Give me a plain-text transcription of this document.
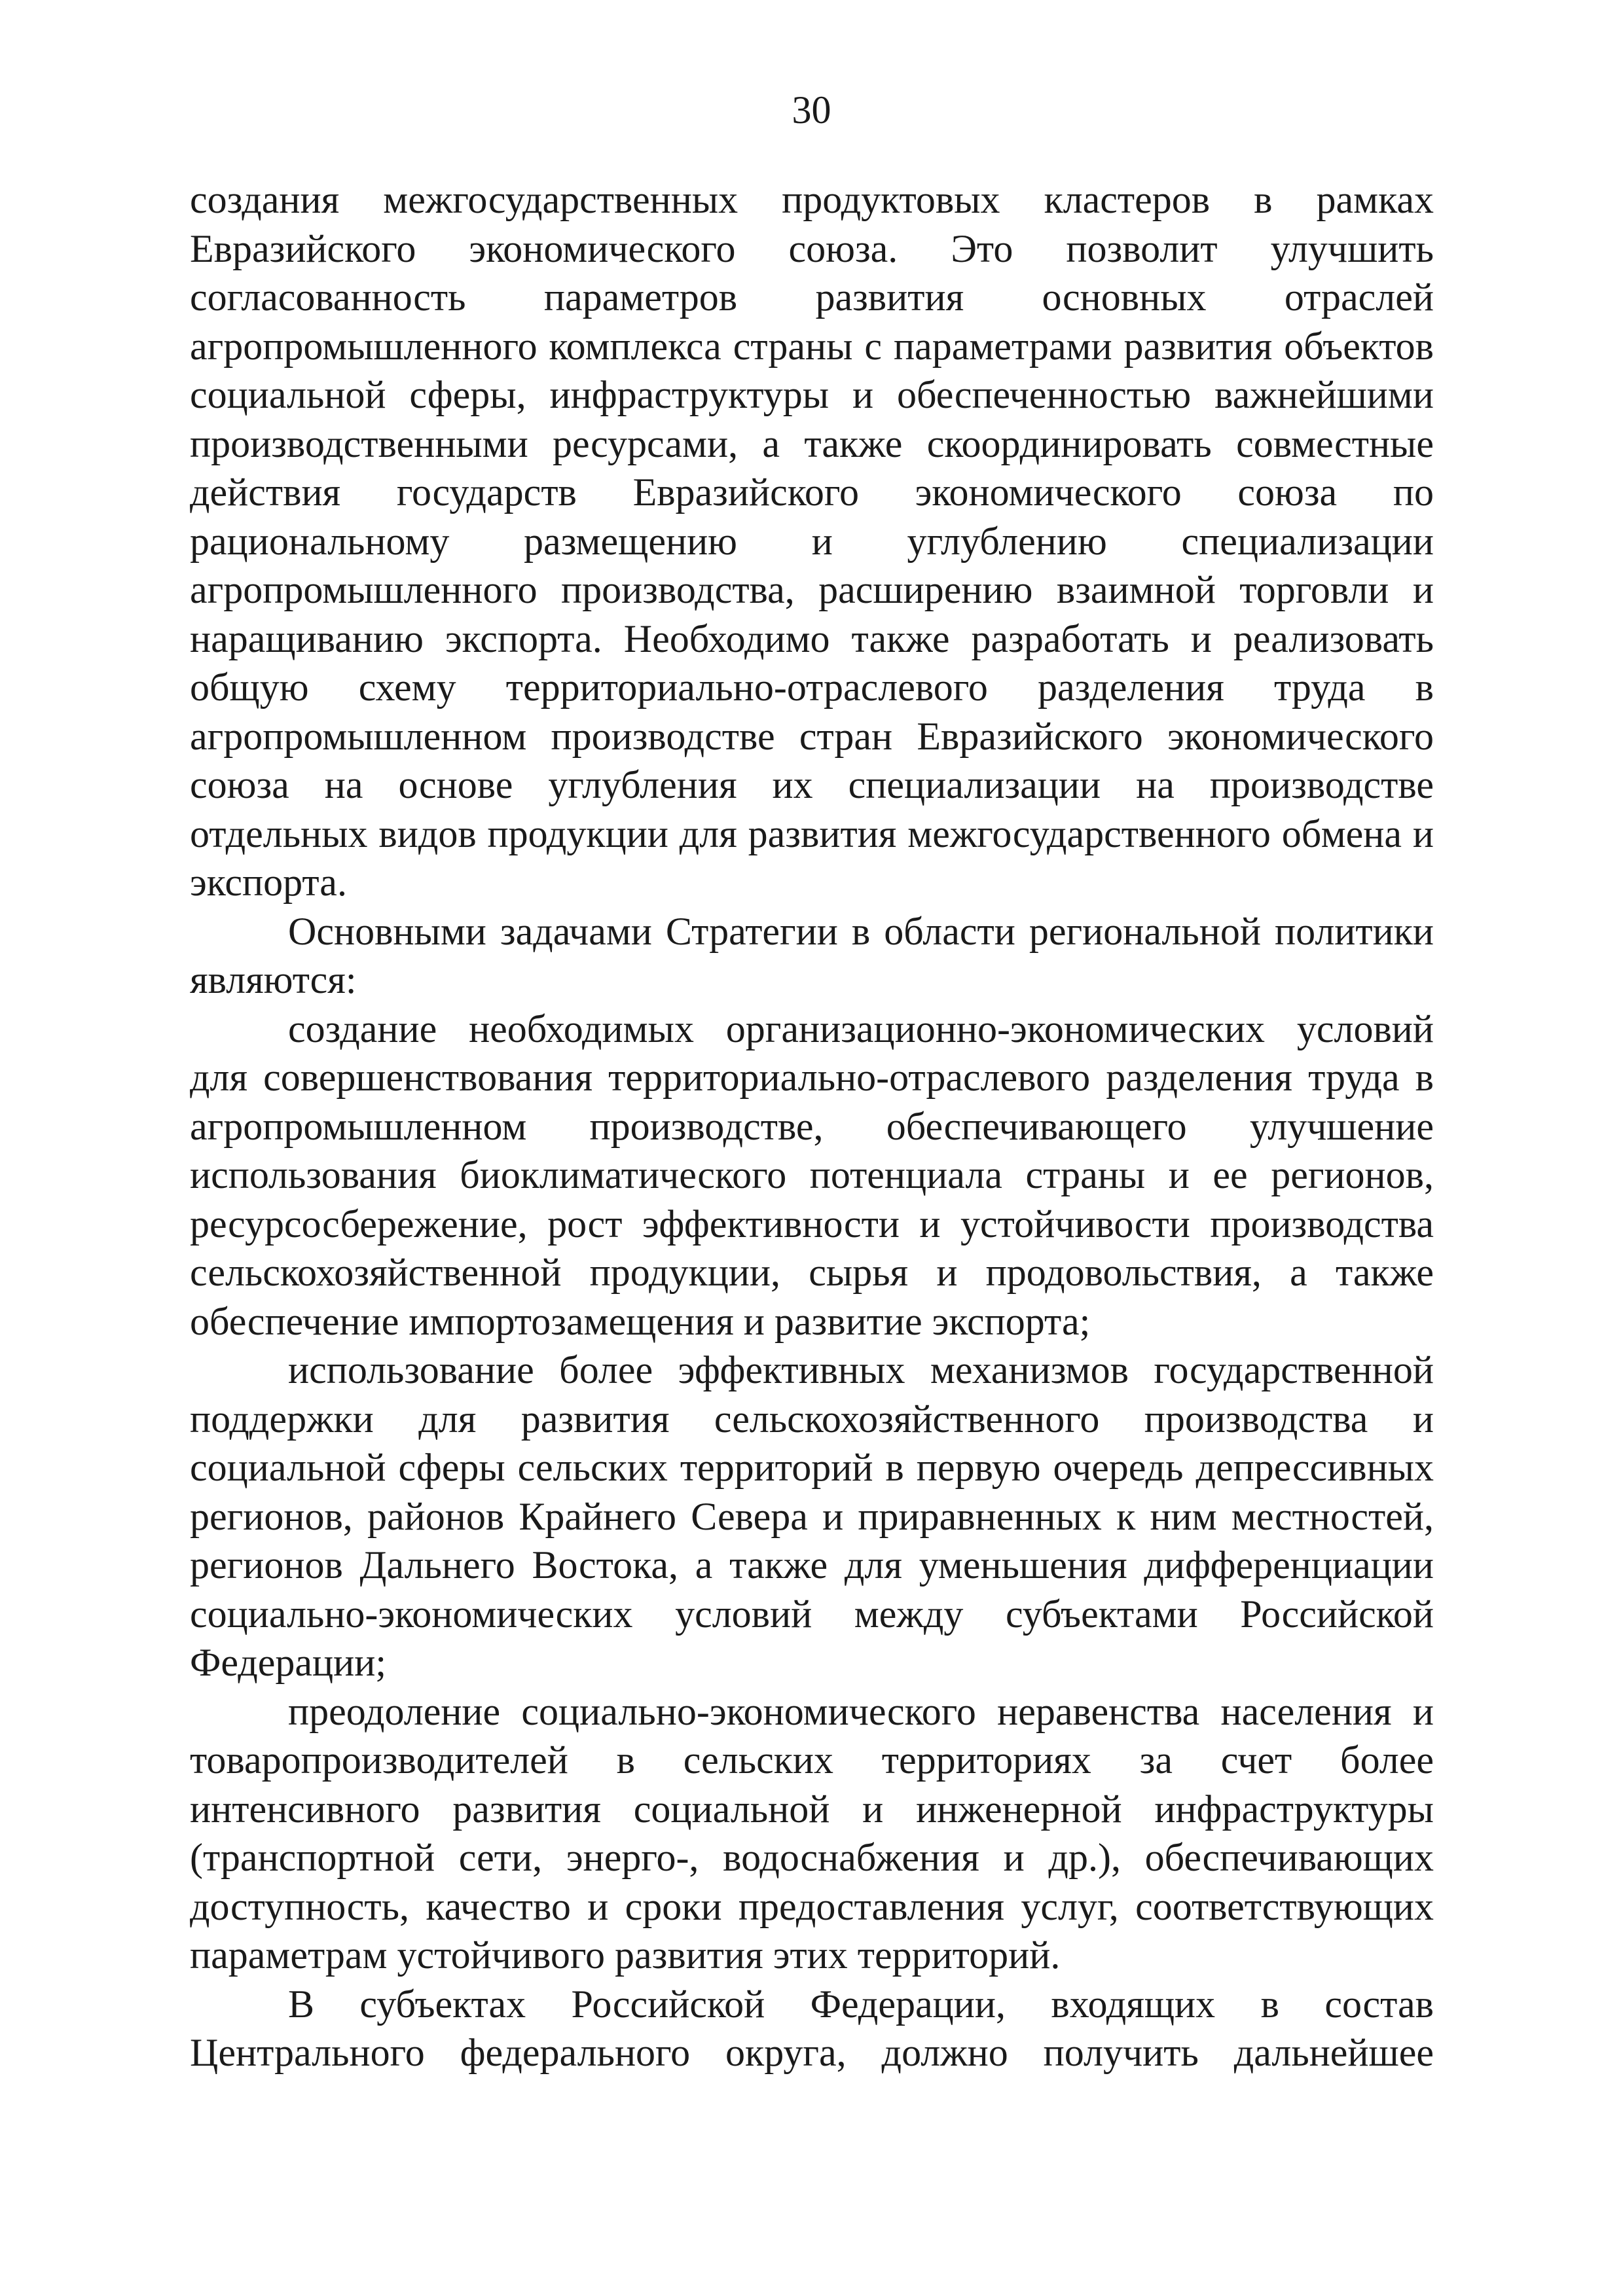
30

создания межгосударственных продуктовых кластеров в рамках Евразийского экономического союза. Это позволит улучшить согласованность параметров развития основных отраслей агропромышленного комплекса страны с параметрами развития объектов социальной сферы, инфраструктуры и обеспеченностью важнейшими производственными ресурсами, а также скоординировать совместные действия государств Евразийского экономического союза по рациональному размещению и углублению специализации агропромышленного производства, расширению взаимной торговли и наращиванию экспорта. Необходимо также разработать и реализовать общую схему территориально-отраслевого разделения труда в агропромышленном производстве стран Евразийского экономического союза на основе углубления их специализации на производстве отдельных видов продукции для развития межгосударственного обмена и экспорта.

Основными задачами Стратегии в области региональной политики являются:

создание необходимых организационно-экономических условий для совершенствования территориально-отраслевого разделения труда в агропромышленном производстве, обеспечивающего улучшение использования биоклиматического потенциала страны и ее регионов, ресурсосбережение, рост эффективности и устойчивости производства сельскохозяйственной продукции, сырья и продовольствия, а также обеспечение импортозамещения и развитие экспорта;

использование более эффективных механизмов государственной поддержки для развития сельскохозяйственного производства и социальной сферы сельских территорий в первую очередь депрессивных регионов, районов Крайнего Севера и приравненных к ним местностей, регионов Дальнего Востока, а также для уменьшения дифференциации социально-экономических условий между субъектами Российской Федерации;

преодоление социально-экономического неравенства населения и товаропроизводителей в сельских территориях за счет более интенсивного развития социальной и инженерной инфраструктуры (транспортной сети, энерго-, водоснабжения и др.), обеспечивающих доступность, качество и сроки предоставления услуг, соответствующих параметрам устойчивого развития этих территорий.

В субъектах Российской Федерации, входящих в состав Центрального федерального округа, должно получить дальнейшее
